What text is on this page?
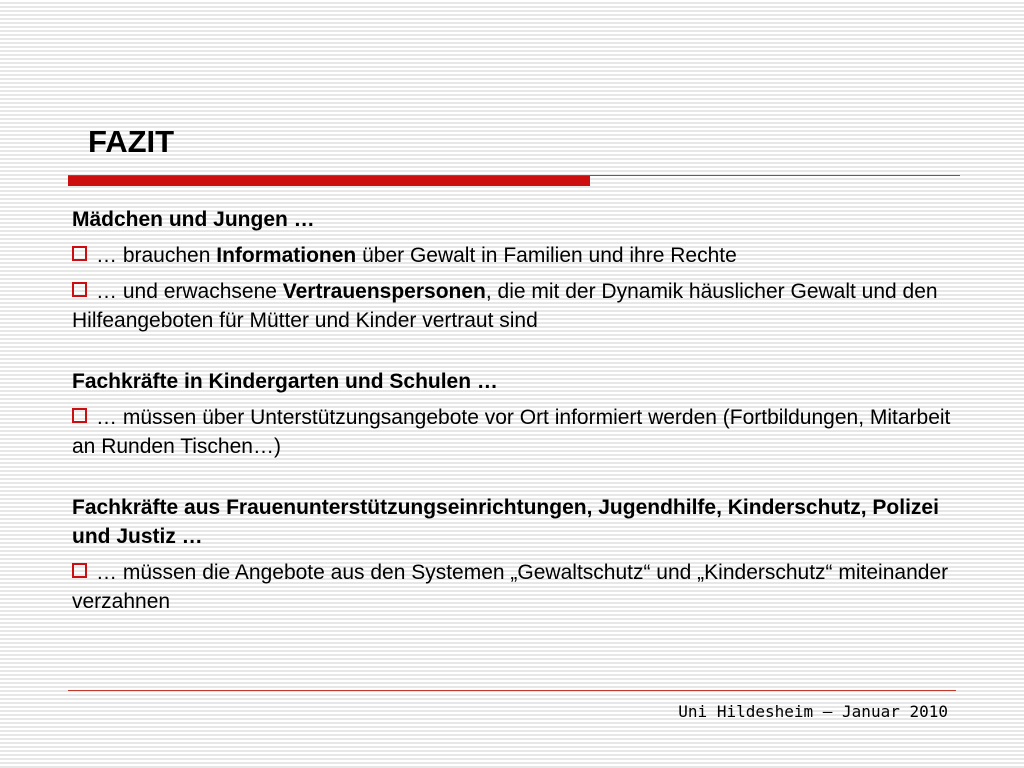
FAZIT

Mädchen und Jungen …

… brauchen Informationen über Gewalt in Familien und ihre Rechte

… und erwachsene Vertrauenspersonen, die mit der Dynamik häuslicher Gewalt und den Hilfeangeboten für Mütter und Kinder vertraut sind

Fachkräfte in Kindergarten und Schulen …

… müssen über Unterstützungsangebote vor Ort informiert werden (Fortbildungen, Mitarbeit an Runden Tischen…)

Fachkräfte aus Frauenunterstützungseinrichtungen, Jugendhilfe, Kinderschutz, Polizei und Justiz …

… müssen die Angebote aus den Systemen „Gewaltschutz“ und „Kinderschutz“ miteinander verzahnen

Uni Hildesheim – Januar 2010
